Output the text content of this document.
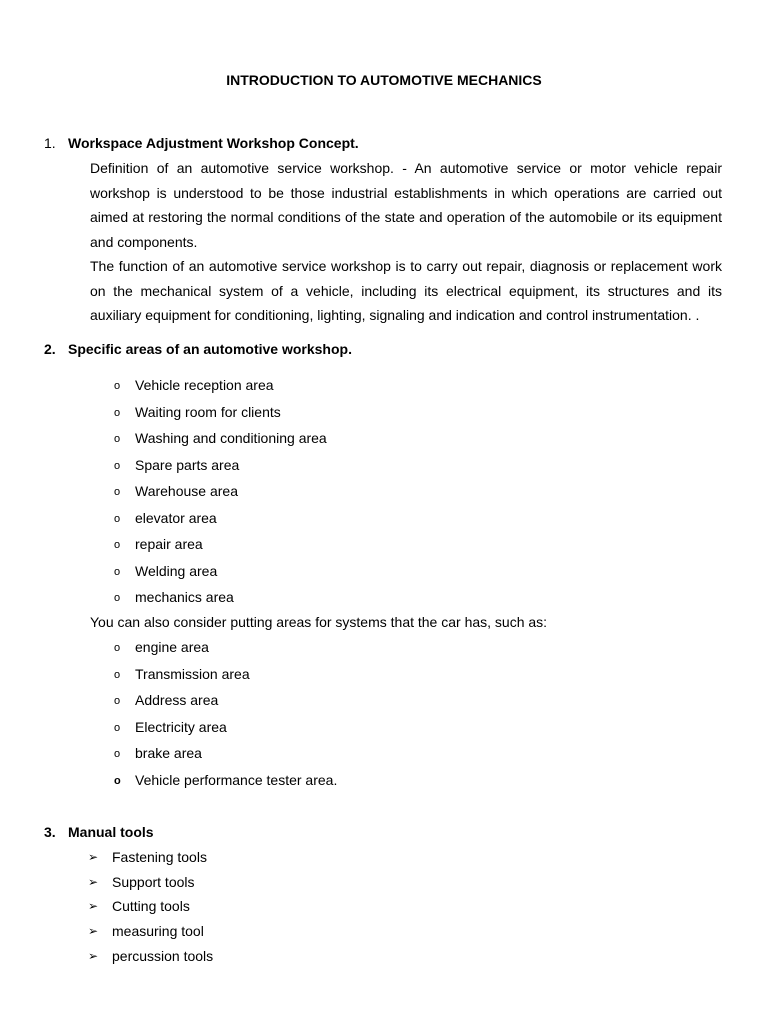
INTRODUCTION TO AUTOMOTIVE MECHANICS
1. Workspace Adjustment Workshop Concept.

Definition of an automotive service workshop. - An automotive service or motor vehicle repair workshop is understood to be those industrial establishments in which operations are carried out aimed at restoring the normal conditions of the state and operation of the automobile or its equipment and components.

The function of an automotive service workshop is to carry out repair, diagnosis or replacement work on the mechanical system of a vehicle, including its electrical equipment, its structures and its auxiliary equipment for conditioning, lighting, signaling and indication and control instrumentation. .

2. Specific areas of an automotive workshop.
o Vehicle reception area
o Waiting room for clients
o Washing and conditioning area
o Spare parts area
o Warehouse area
o elevator area
o repair area
o Welding area
o mechanics area
You can also consider putting areas for systems that the car has, such as:
o engine area
o Transmission area
o Address area
o Electricity area
o brake area
o Vehicle performance tester area.
3. Manual tools
➢ Fastening tools
➢ Support tools
➢ Cutting tools
➢ measuring tool
➢ percussion tools
